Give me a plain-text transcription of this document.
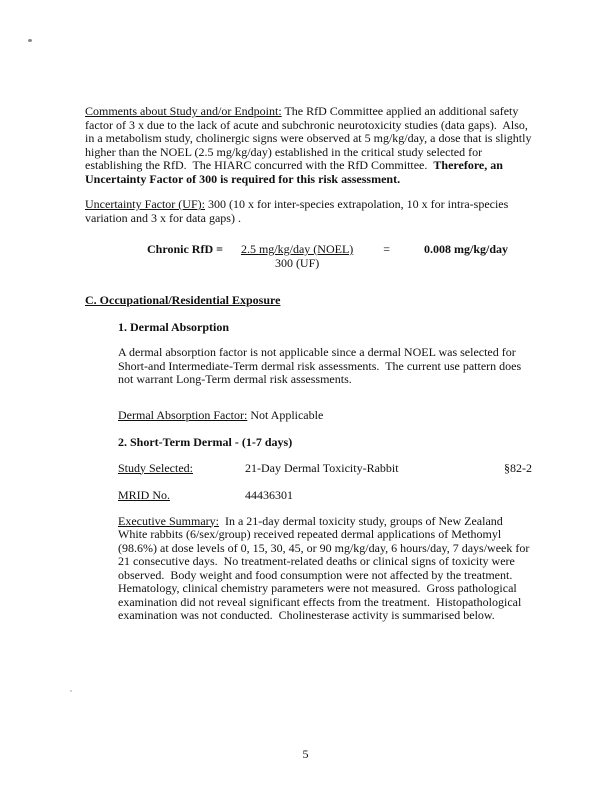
Comments about Study and/or Endpoint: The RfD Committee applied an additional safety factor of 3 x due to the lack of acute and subchronic neurotoxicity studies (data gaps).  Also, in a metabolism study, cholinergic signs were observed at 5 mg/kg/day, a dose that is slightly higher than the NOEL (2.5 mg/kg/day) established in the critical study selected for establishing the RfD.  The HIARC concurred with the RfD Committee.  Therefore, an Uncertainty Factor of 300 is required for this risk assessment.

Uncertainty Factor (UF): 300 (10 x for inter-species extrapolation, 10 x for intra-species variation and 3 x for data gaps) .

Chronic RfD = $\frac{\text{2.5 mg/kg/day (NOEL)}}{300 (UF)}$ =	0.008 mg/kg/day
C. Occupational/Residential Exposure
1. Dermal Absorption

A dermal absorption factor is not applicable since a dermal NOEL was selected for Short-and Intermediate-Term dermal risk assessments.  The current use pattern does not warrant Long-Term dermal risk assessments.

Dermal Absorption Factor: Not Applicable

2. Short-Term Dermal - (1-7 days)
Study Selected:	21-Day Dermal Toxicity-Rabbit	§82-2
MRID No.	44436301

Executive Summary:  In a 21-day dermal toxicity study, groups of New Zealand White rabbits (6/sex/group) received repeated dermal applications of Methomyl (98.6%) at dose levels of 0, 15, 30, 45, or 90 mg/kg/day, 6 hours/day, 7 days/week for 21 consecutive days.  No treatment-related deaths or clinical signs of toxicity were observed.  Body weight and food consumption were not affected by the treatment.  Hematology, clinical chemistry parameters were not measured.  Gross pathological examination did not reveal significant effects from the treatment.  Histopathological examination was not conducted.  Cholinesterase activity is summarised below.

5
